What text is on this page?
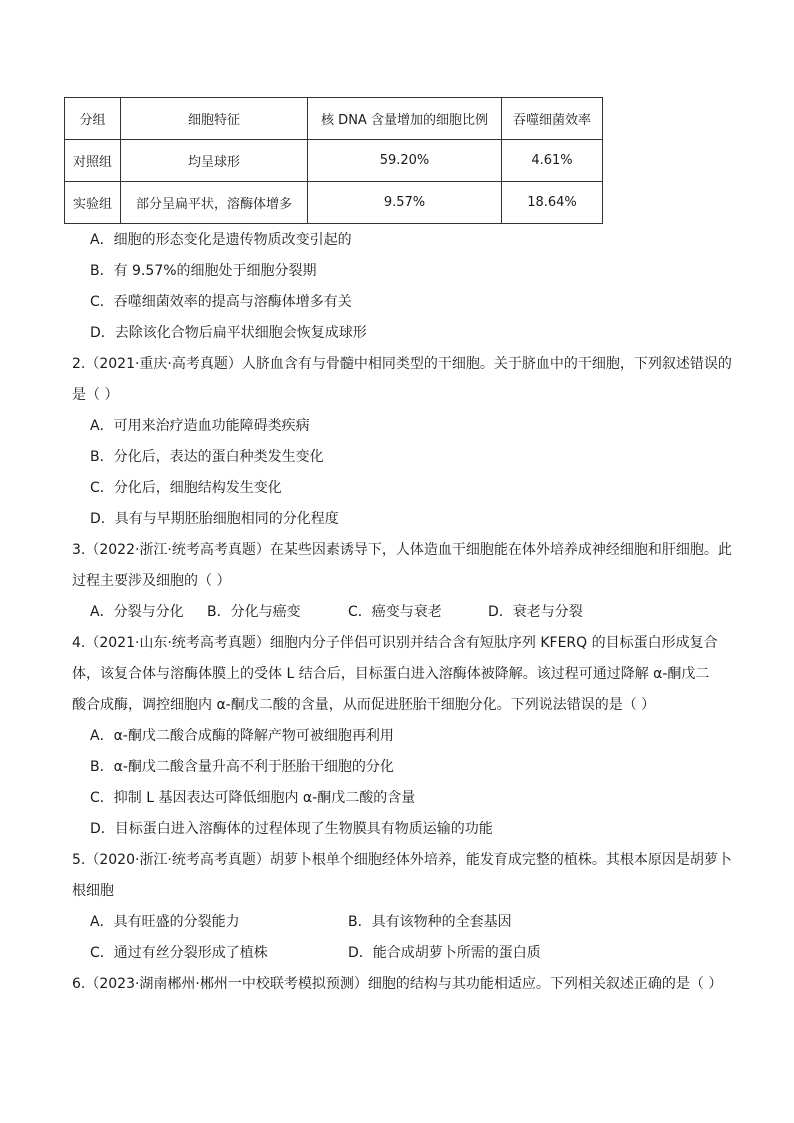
分组	细胞特征	核 DNA 含量增加的细胞比例	吞噬细菌效率
对照组	均呈球形	59.20%	4.61%
实验组	部分呈扁平状，溶酶体增多	9.57%	18.64%
A．细胞的形态变化是遗传物质改变引起的
B．有 9.57%的细胞处于细胞分裂期
C．吞噬细菌效率的提高与溶酶体增多有关
D．去除该化合物后扁平状细胞会恢复成球形
2.（2021·重庆·高考真题）人脐血含有与骨髓中相同类型的干细胞。关于脐血中的干细胞，下列叙述错误的
是（ ）
A．可用来治疗造血功能障碍类疾病
B．分化后，表达的蛋白种类发生变化
C．分化后，细胞结构发生变化
D．具有与早期胚胎细胞相同的分化程度
3.（2022·浙江·统考高考真题）在某些因素诱导下，人体造血干细胞能在体外培养成神经细胞和肝细胞。此
过程主要涉及细胞的（ ）
A．分裂与分化 B．分化与癌变	C．癌变与衰老	D．衰老与分裂
4.（2021·山东·统考高考真题）细胞内分子伴侣可识别并结合含有短肽序列 KFERQ 的目标蛋白形成复合
体，该复合体与溶酶体膜上的受体 L 结合后，目标蛋白进入溶酶体被降解。该过程可通过降解 α-酮戊二
酸合成酶，调控细胞内 α-酮戊二酸的含量，从而促进胚胎干细胞分化。下列说法错误的是（ ）
A．α-酮戊二酸合成酶的降解产物可被细胞再利用
B．α-酮戊二酸含量升高不利于胚胎干细胞的分化
C．抑制 L 基因表达可降低细胞内 α-酮戊二酸的含量
D．目标蛋白进入溶酶体的过程体现了生物膜具有物质运输的功能
5.（2020·浙江·统考高考真题）胡萝卜根单个细胞经体外培养，能发育成完整的植株。其根本原因是胡萝卜
根细胞
A．具有旺盛的分裂能力	B．具有该物种的全套基因
C．通过有丝分裂形成了植株	D．能合成胡萝卜所需的蛋白质
6.（2023·湖南郴州·郴州一中校联考模拟预测）细胞的结构与其功能相适应。下列相关叙述正确的是（ ）
